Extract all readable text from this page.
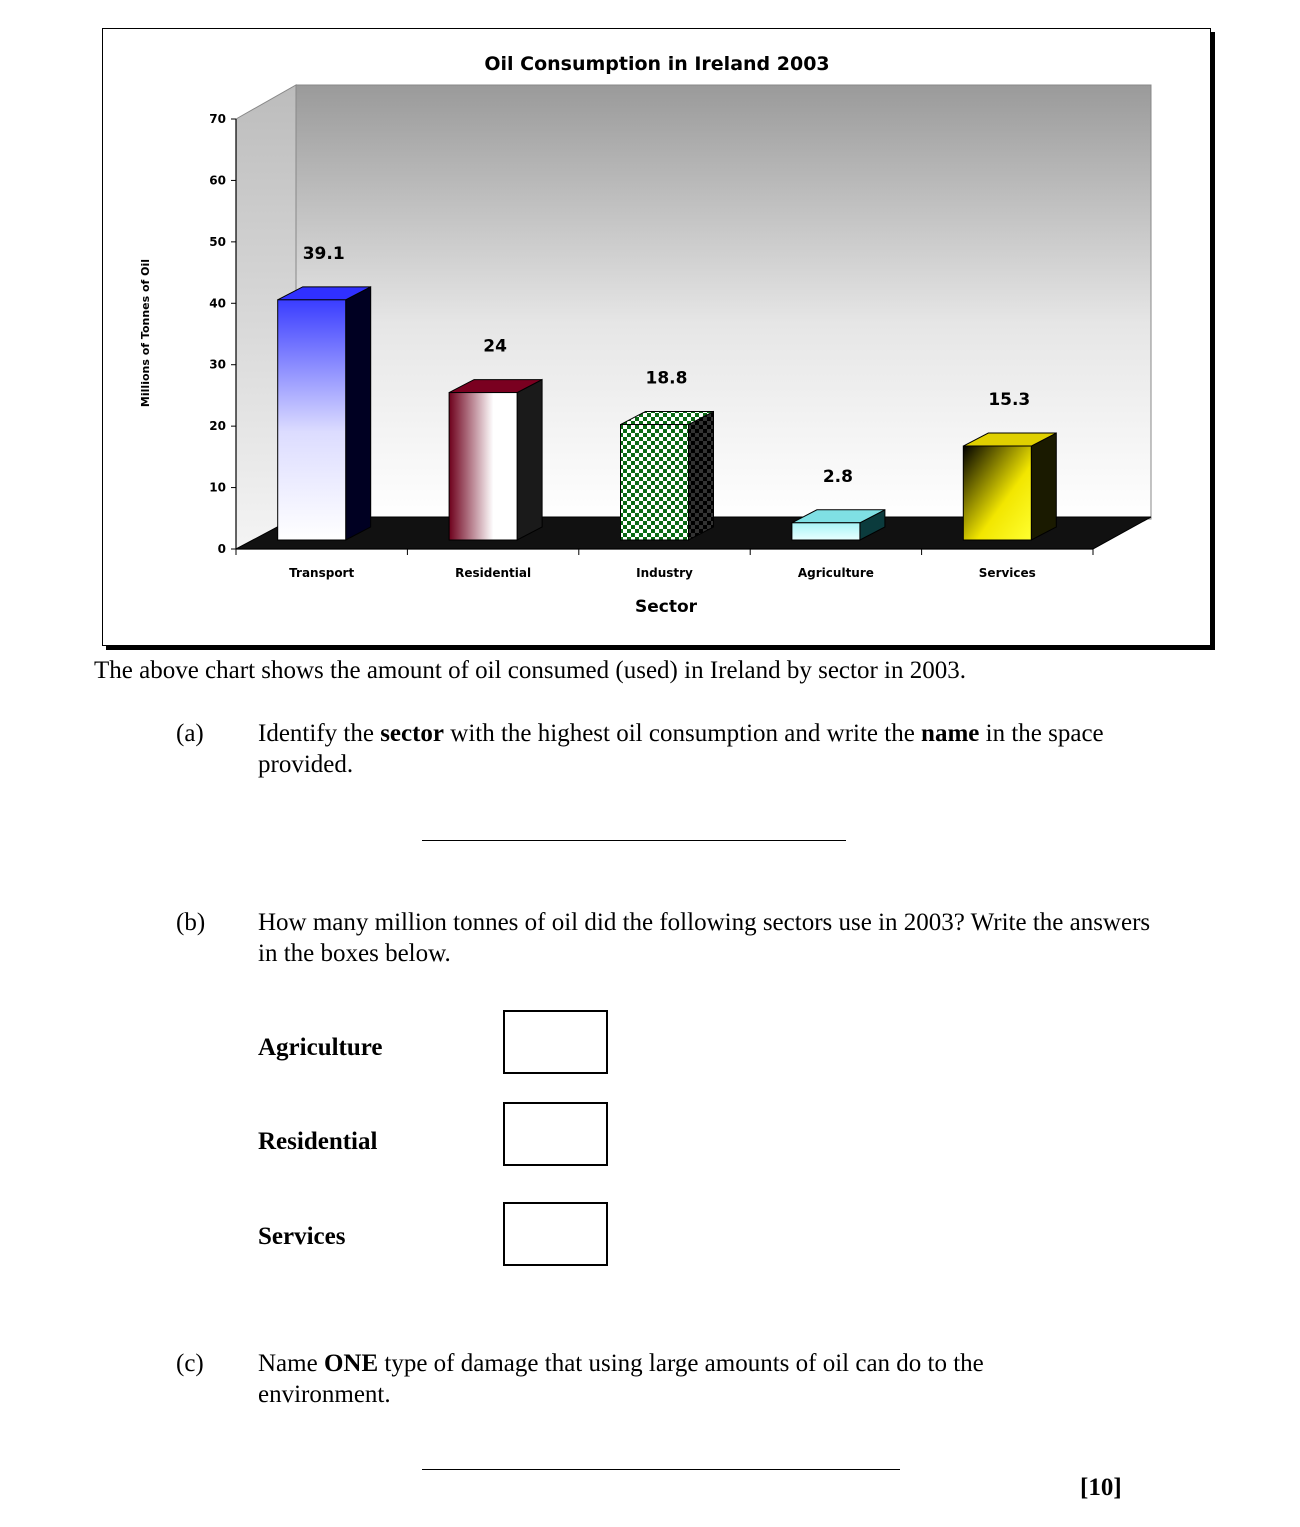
0
10
20
30
40
50
60
70
Transport	Residential	Industry	Agriculture	Services
39.1
24
18.8
2.8
15.3
Oil Consumption in Ireland 2003
Sector
Millions of Tonnes of Oil
The above chart shows the amount of oil consumed (used) in Ireland by sector in 2003.
(a) Identify the sector with the highest oil consumption and write the name in the space provided.
(b) How many million tonnes of oil did the following sectors use in 2003? Write the answers in the boxes below.
Agriculture
Residential
Services
(c) Name ONE type of damage that using large amounts of oil can do to the environment.
[10]
